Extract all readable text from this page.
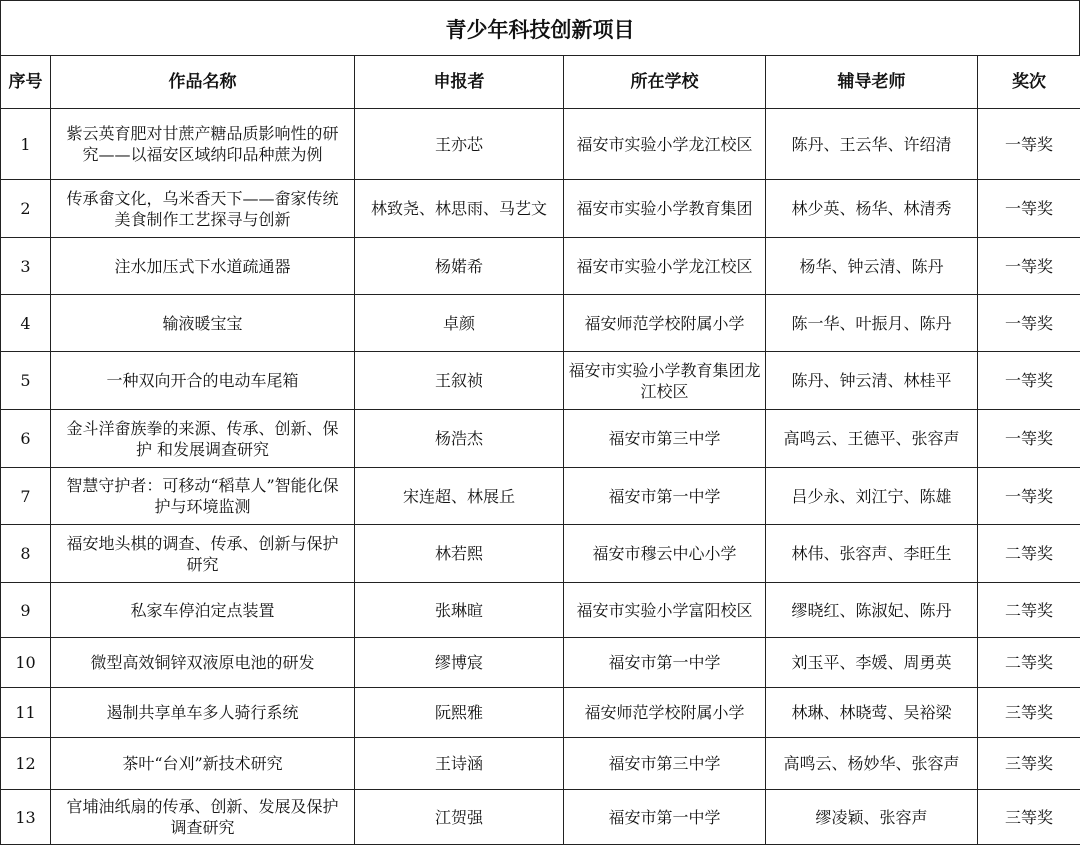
青少年科技创新项目
序号	作品名称	申报者	所在学校	辅导老师	奖次
1	紫云英育肥对甘蔗产糖品质影响性的研究——以福安区域纳印品种蔗为例	王亦芯	福安市实验小学龙江校区	陈丹、王云华、许绍清	一等奖
2	传承畲文化，乌米香天下——畲家传统美食制作工艺探寻与创新	林致尧、林思雨、马艺文	福安市实验小学教育集团	林少英、杨华、林清秀	一等奖
3	注水加压式下水道疏通器	杨婼希	福安市实验小学龙江校区	杨华、钟云清、陈丹	一等奖
4	输液暖宝宝	卓颜	福安师范学校附属小学	陈一华、叶振月、陈丹	一等奖
5	一种双向开合的电动车尾箱	王叙祯	福安市实验小学教育集团龙江校区	陈丹、钟云清、林桂平	一等奖
6	金斗洋畲族拳的来源、传承、创新、保护 和发展调查研究	杨浩杰	福安市第三中学	高鸣云、王德平、张容声	一等奖
7	智慧守护者：可移动“稻草人”智能化保护与环境监测	宋连超、林展丘	福安市第一中学	吕少永、刘江宁、陈雄	一等奖
8	福安地头棋的调查、传承、创新与保护研究	林若熙	福安市穆云中心小学	林伟、张容声、李旺生	二等奖
9	私家车停泊定点装置	张琳暄	福安市实验小学富阳校区	缪晓红、陈淑妃、陈丹	二等奖
10	微型高效铜锌双液原电池的研发	缪博宸	福安市第一中学	刘玉平、李媛、周勇英	二等奖
11	遏制共享单车多人骑行系统	阮熙雅	福安师范学校附属小学	林琳、林晓莺、吴裕梁	三等奖
12	茶叶“台刈”新技术研究	王诗涵	福安市第三中学	高鸣云、杨妙华、张容声	三等奖
13	官埔油纸扇的传承、创新、发展及保护调查研究	江贺强	福安市第一中学	缪凌颖、张容声	三等奖
